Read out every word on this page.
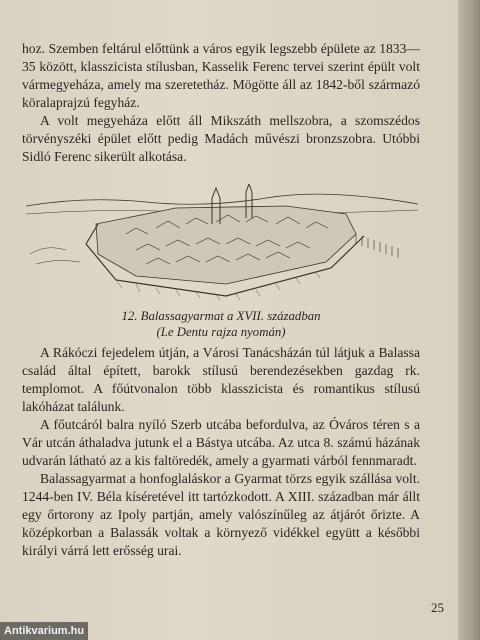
hoz. Szemben feltárul előttünk a város egyik legszebb épülete az 1833—35 között, klasszicista stílusban, Kasselik Ferenc tervei szerint épült volt vármegyeháza, amely ma szeretetház. Mögötte áll az 1842-ből származó köralaprajzú fegyház.

A volt megyeháza előtt áll Mikszáth mellszobra, a szomszédos törvényszéki épület előtt pedig Madách művészi bronzszobra. Utóbbi Sidló Ferenc sikerült alkotása.

12. Balassagyarmat a XVII. században
(Le Dentu rajza nyomán)

A Rákóczi fejedelem útján, a Városi Tanácsházán túl látjuk a Balassa család által épített, barokk stílusú berendezésekben gazdag rk. templomot. A főútvonalon több klasszicista és romantikus stílusú lakóházat találunk.

A főutcáról balra nyíló Szerb utcába befordulva, az Óváros téren s a Vár utcán áthaladva jutunk el a Bástya utcába. Az utca 8. számú házának udvarán látható az a kis faltöredék, amely a gyarmati várból fennmaradt.

Balassagyarmat a honfoglaláskor a Gyarmat törzs egyik szállása volt. 1244-ben IV. Béla kíséretével itt tartózkodott. A XIII. században már állt egy őrtorony az Ipoly partján, amely valószínűleg az átjárót őrizte. A középkorban a Balassák voltak a környező vidékkel együtt a későbbi királyi várrá lett erősség urai.

25
Antikvarium.hu
